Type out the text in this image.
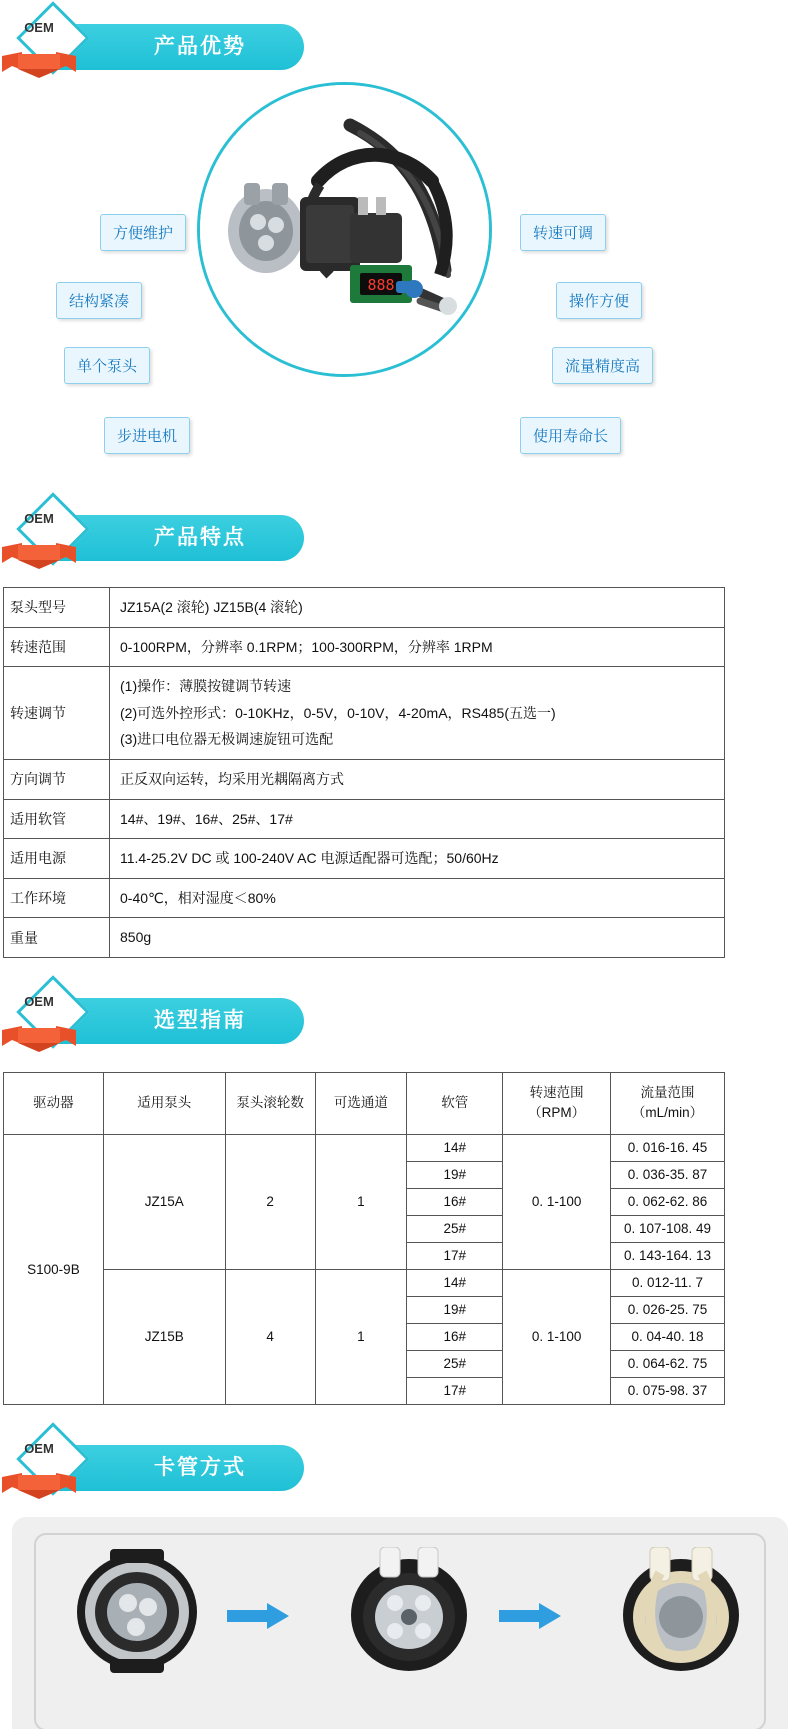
OEM
产品优势
888
方便维护
结构紧凑
单个泵头
步进电机
转速可调
操作方便
流量精度高
使用寿命长
OEM
产品特点
泵头型号	JZ15A(2 滚轮) JZ15B(4 滚轮)
转速范围	0-100RPM，分辨率 0.1RPM；100-300RPM，分辨率 1RPM
转速调节	(1)操作：薄膜按键调节转速
(2)可选外控形式：0-10KHz，0-5V，0-10V，4-20mA，RS485(五选一)
(3)进口电位器无极调速旋钮可选配

方向调节	正反双向运转，均采用光耦隔离方式
适用软管	14#、19#、16#、25#、17#
适用电源	11.4-25.2V DC 或 100-240V AC 电源适配器可选配；50/60Hz
工作环境	0-40℃，相对湿度＜80%
重量	850g
OEM
选型指南
驱动器	适用泵头	泵头滚轮数	可选通道	软管	转速范围（RPM）	流量范围（mL/min）
S100-9B	JZ15A	2	1	14#	0. 1-100	0. 016-16. 45
				19#		0. 036-35. 87
				16#		0. 062-62. 86
				25#		0. 107-108. 49
				17#		0. 143-164. 13
	JZ15B	4	1	14#	0. 1-100	0. 012-11. 7
				19#		0. 026-25. 75
				16#		0. 04-40. 18
				25#		0. 064-62. 75
				17#		0. 075-98. 37
OEM
卡管方式
